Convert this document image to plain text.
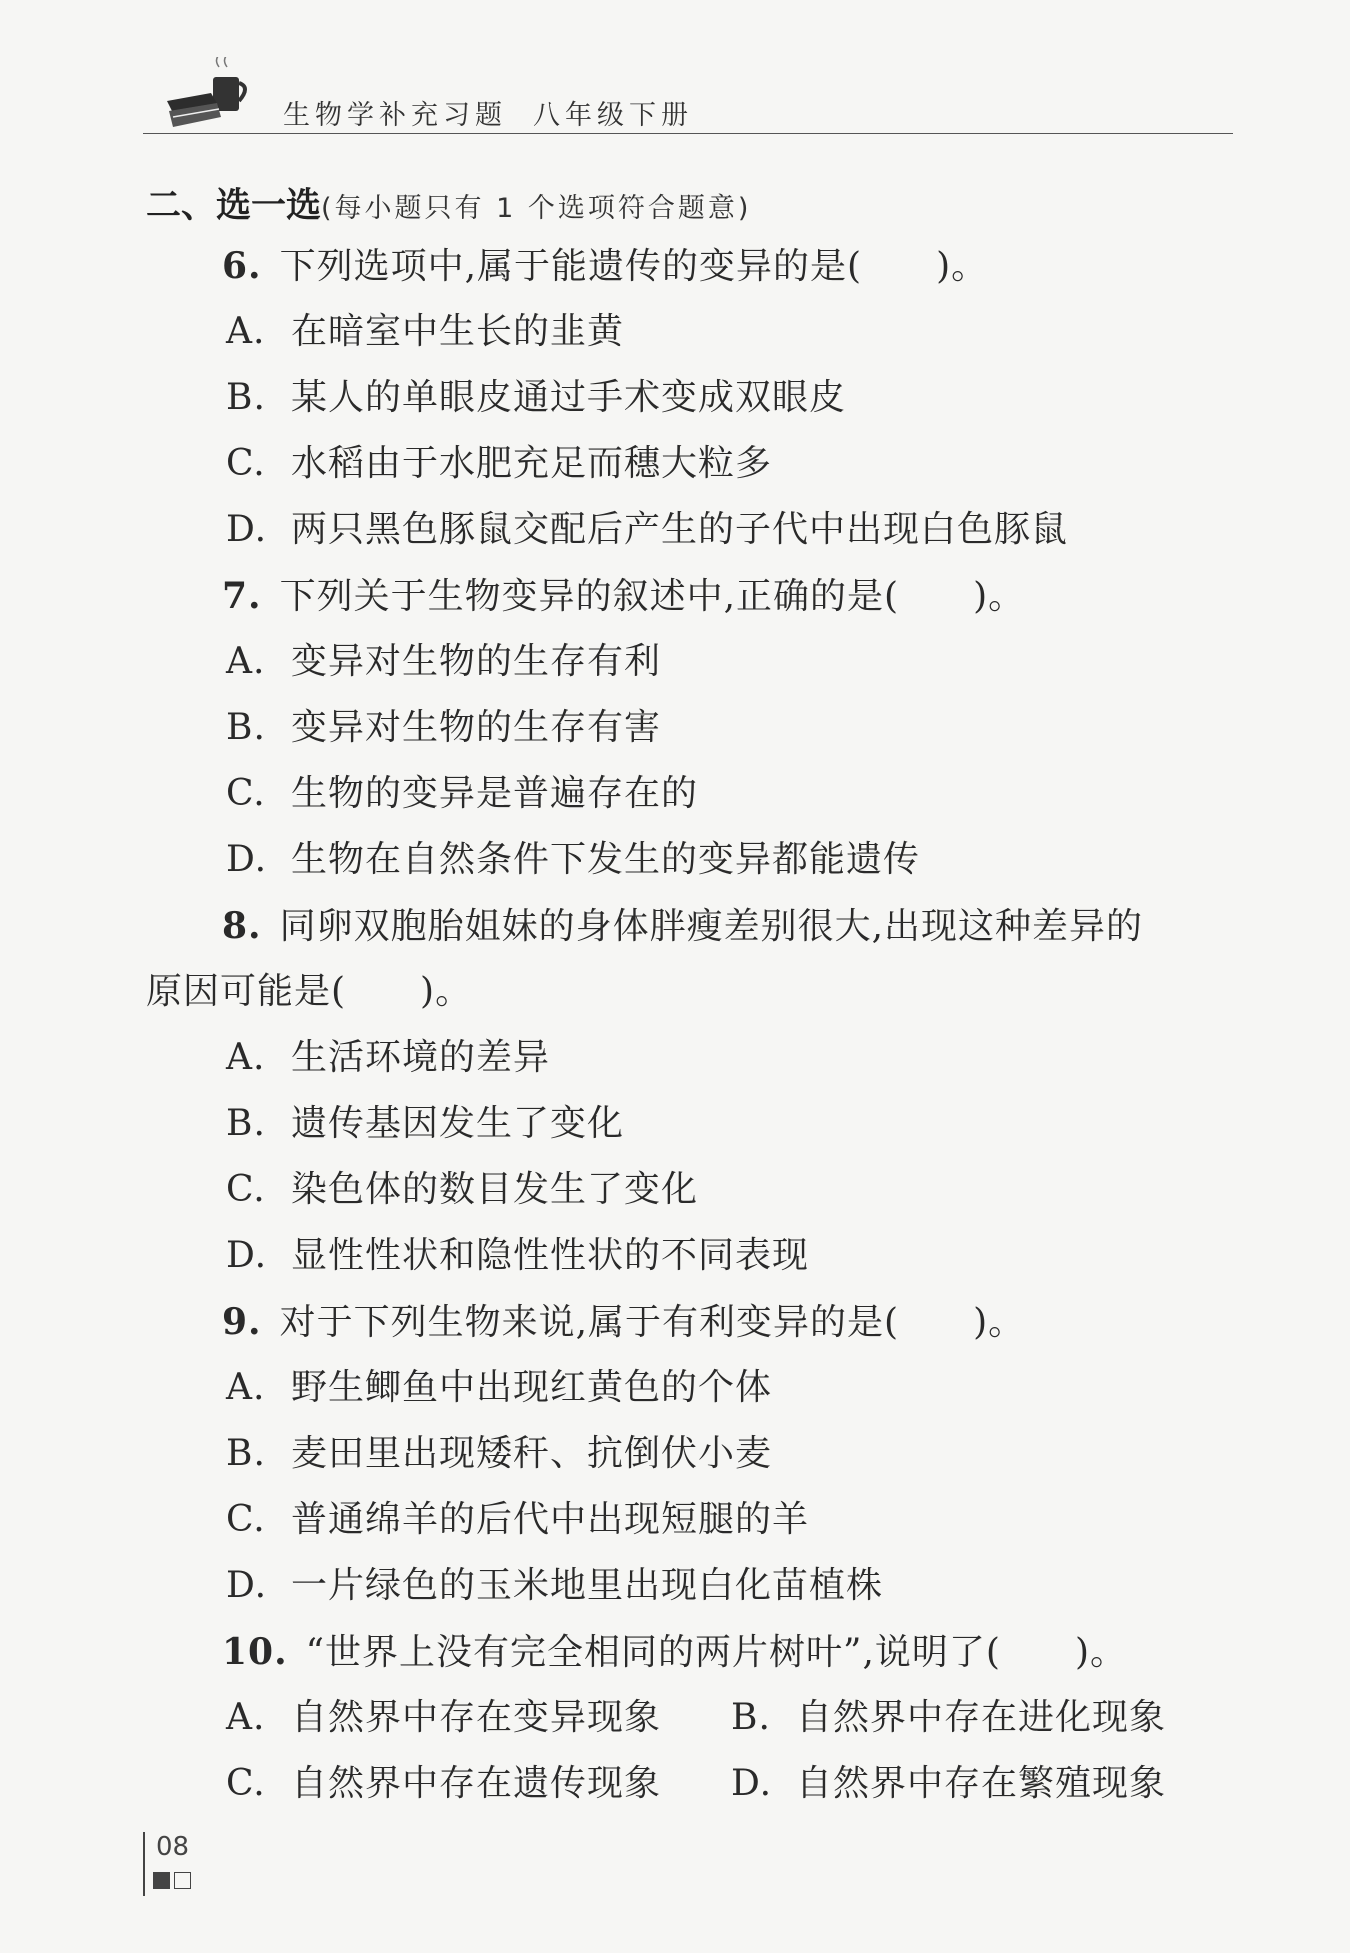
生物学补充习题 八年级下册
二、选一选(每小题只有 1 个选项符合题意)
6. 下列选项中,属于能遗传的变异的是(　　)。
A. 在暗室中生长的韭黄
B. 某人的单眼皮通过手术变成双眼皮
C. 水稻由于水肥充足而穗大粒多
D. 两只黑色豚鼠交配后产生的子代中出现白色豚鼠
7. 下列关于生物变异的叙述中,正确的是(　　)。
A. 变异对生物的生存有利
B. 变异对生物的生存有害
C. 生物的变异是普遍存在的
D. 生物在自然条件下发生的变异都能遗传
8. 同卵双胞胎姐妹的身体胖瘦差别很大,出现这种差异的
原因可能是(　　)。
A. 生活环境的差异
B. 遗传基因发生了变化
C. 染色体的数目发生了变化
D. 显性性状和隐性性状的不同表现
9. 对于下列生物来说,属于有利变异的是(　　)。
A. 野生鲫鱼中出现红黄色的个体
B. 麦田里出现矮秆、抗倒伏小麦
C. 普通绵羊的后代中出现短腿的羊
D. 一片绿色的玉米地里出现白化苗植株
10. “世界上没有完全相同的两片树叶”,说明了(　　)。
A. 自然界中存在变异现象 B. 自然界中存在进化现象
C. 自然界中存在遗传现象 D. 自然界中存在繁殖现象
08
